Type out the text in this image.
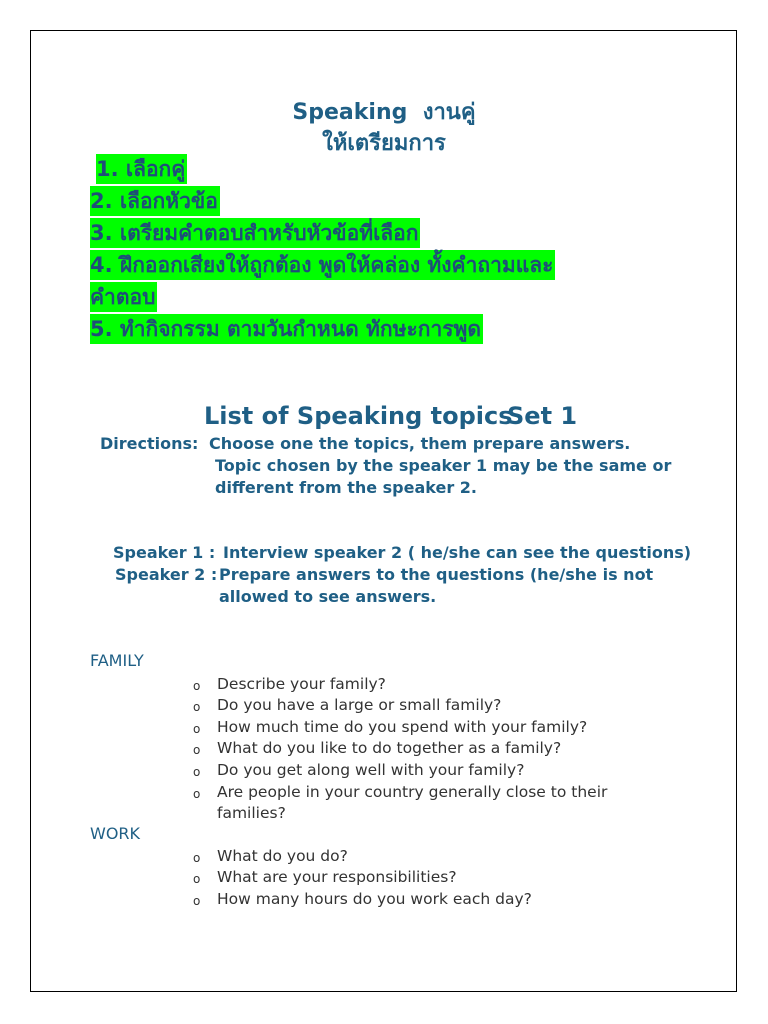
Speaking งานคู่
ให้เตรียมการ
1. เลือกคู่
2. เลือกหัวข้อ
3. เตรียมคำตอบสำหรับหัวข้อที่เลือก
4. ฝึกออกเสียงให้ถูกต้อง พูดให้คล่อง ทั้งคำถามและ
คำตอบ
5. ทำกิจกรรม ตามวันกำหนด ทักษะการพูด
List of Speaking topics
Set 1
Directions: Choose one the topics, them prepare answers.
Topic chosen by the speaker 1 may be the same or
different from the speaker 2.
Speaker 1 : Interview speaker 2 ( he/she can see the questions)
Speaker 2 : Prepare answers to the questions (he/she is not
allowed to see answers.
FAMILY
o Describe your family?
o Do you have a large or small family?
o How much time do you spend with your family?
o What do you like to do together as a family?
o Do you get along well with your family?
o Are people in your country generally close to their
families?
WORK
o What do you do?
o What are your responsibilities?
o How many hours do you work each day?
